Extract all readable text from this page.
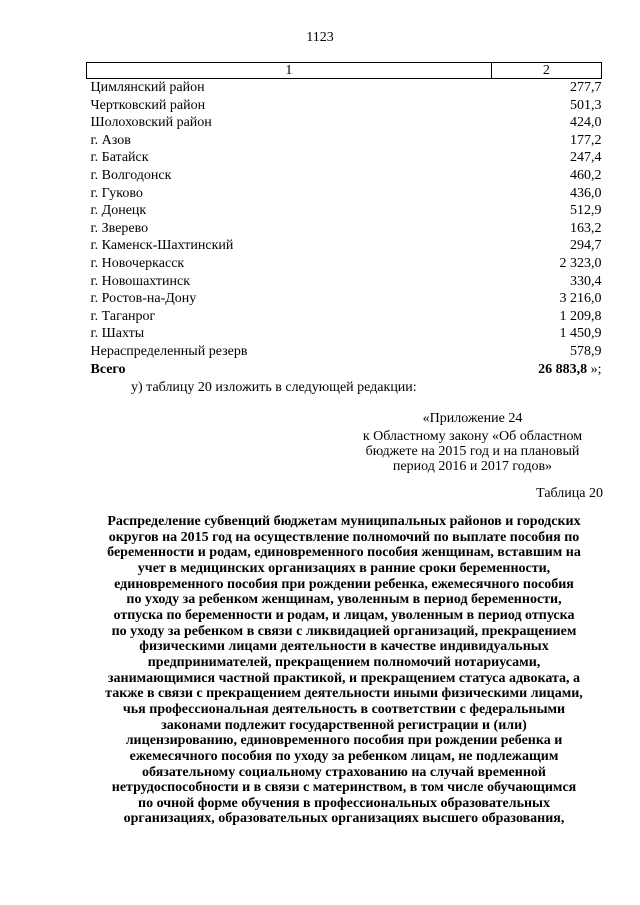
1123
1	2
Цимлянский район	277,7
Чертковский район	501,3
Шолоховский район	424,0
г. Азов	177,2
г. Батайск	247,4
г. Волгодонск	460,2
г. Гуково	436,0
г. Донецк	512,9
г. Зверево	163,2
г. Каменск-Шахтинский	294,7
г. Новочеркасск	2 323,0
г. Новошахтинск	330,4
г. Ростов-на-Дону	3 216,0
г. Таганрог	1 209,8
г. Шахты	1 450,9
Нераспределенный резерв	578,9
Всего	26 883,8 »;
у) таблицу 20 изложить в следующей редакции:
«Приложение 24
к Областному закону «Об областном
бюджете на 2015 год и на плановый
период 2016 и 2017 годов»
Таблица 20
Распределение субвенций бюджетам муниципальных районов и городских
округов на 2015 год на осуществление полномочий по выплате пособия по
беременности и родам, единовременного пособия женщинам, вставшим на
учет в медицинских организациях в ранние сроки беременности,
единовременного пособия при рождении ребенка, ежемесячного пособия
по уходу за ребенком женщинам, уволенным в период беременности,
отпуска по беременности и родам, и лицам, уволенным в период отпуска
по уходу за ребенком в связи с ликвидацией организаций, прекращением
физическими лицами деятельности в качестве индивидуальных
предпринимателей, прекращением полномочий нотариусами,
занимающимися частной практикой, и прекращением статуса адвоката, а
также в связи с прекращением деятельности иными физическими лицами,
чья профессиональная деятельность в соответствии с федеральными
законами подлежит государственной регистрации и (или)
лицензированию, единовременного пособия при рождении ребенка и
ежемесячного пособия по уходу за ребенком лицам, не подлежащим
обязательному социальному страхованию на случай временной
нетрудоспособности и в связи с материнством, в том числе обучающимся
по очной форме обучения в профессиональных образовательных
организациях, образовательных организациях высшего образования,
